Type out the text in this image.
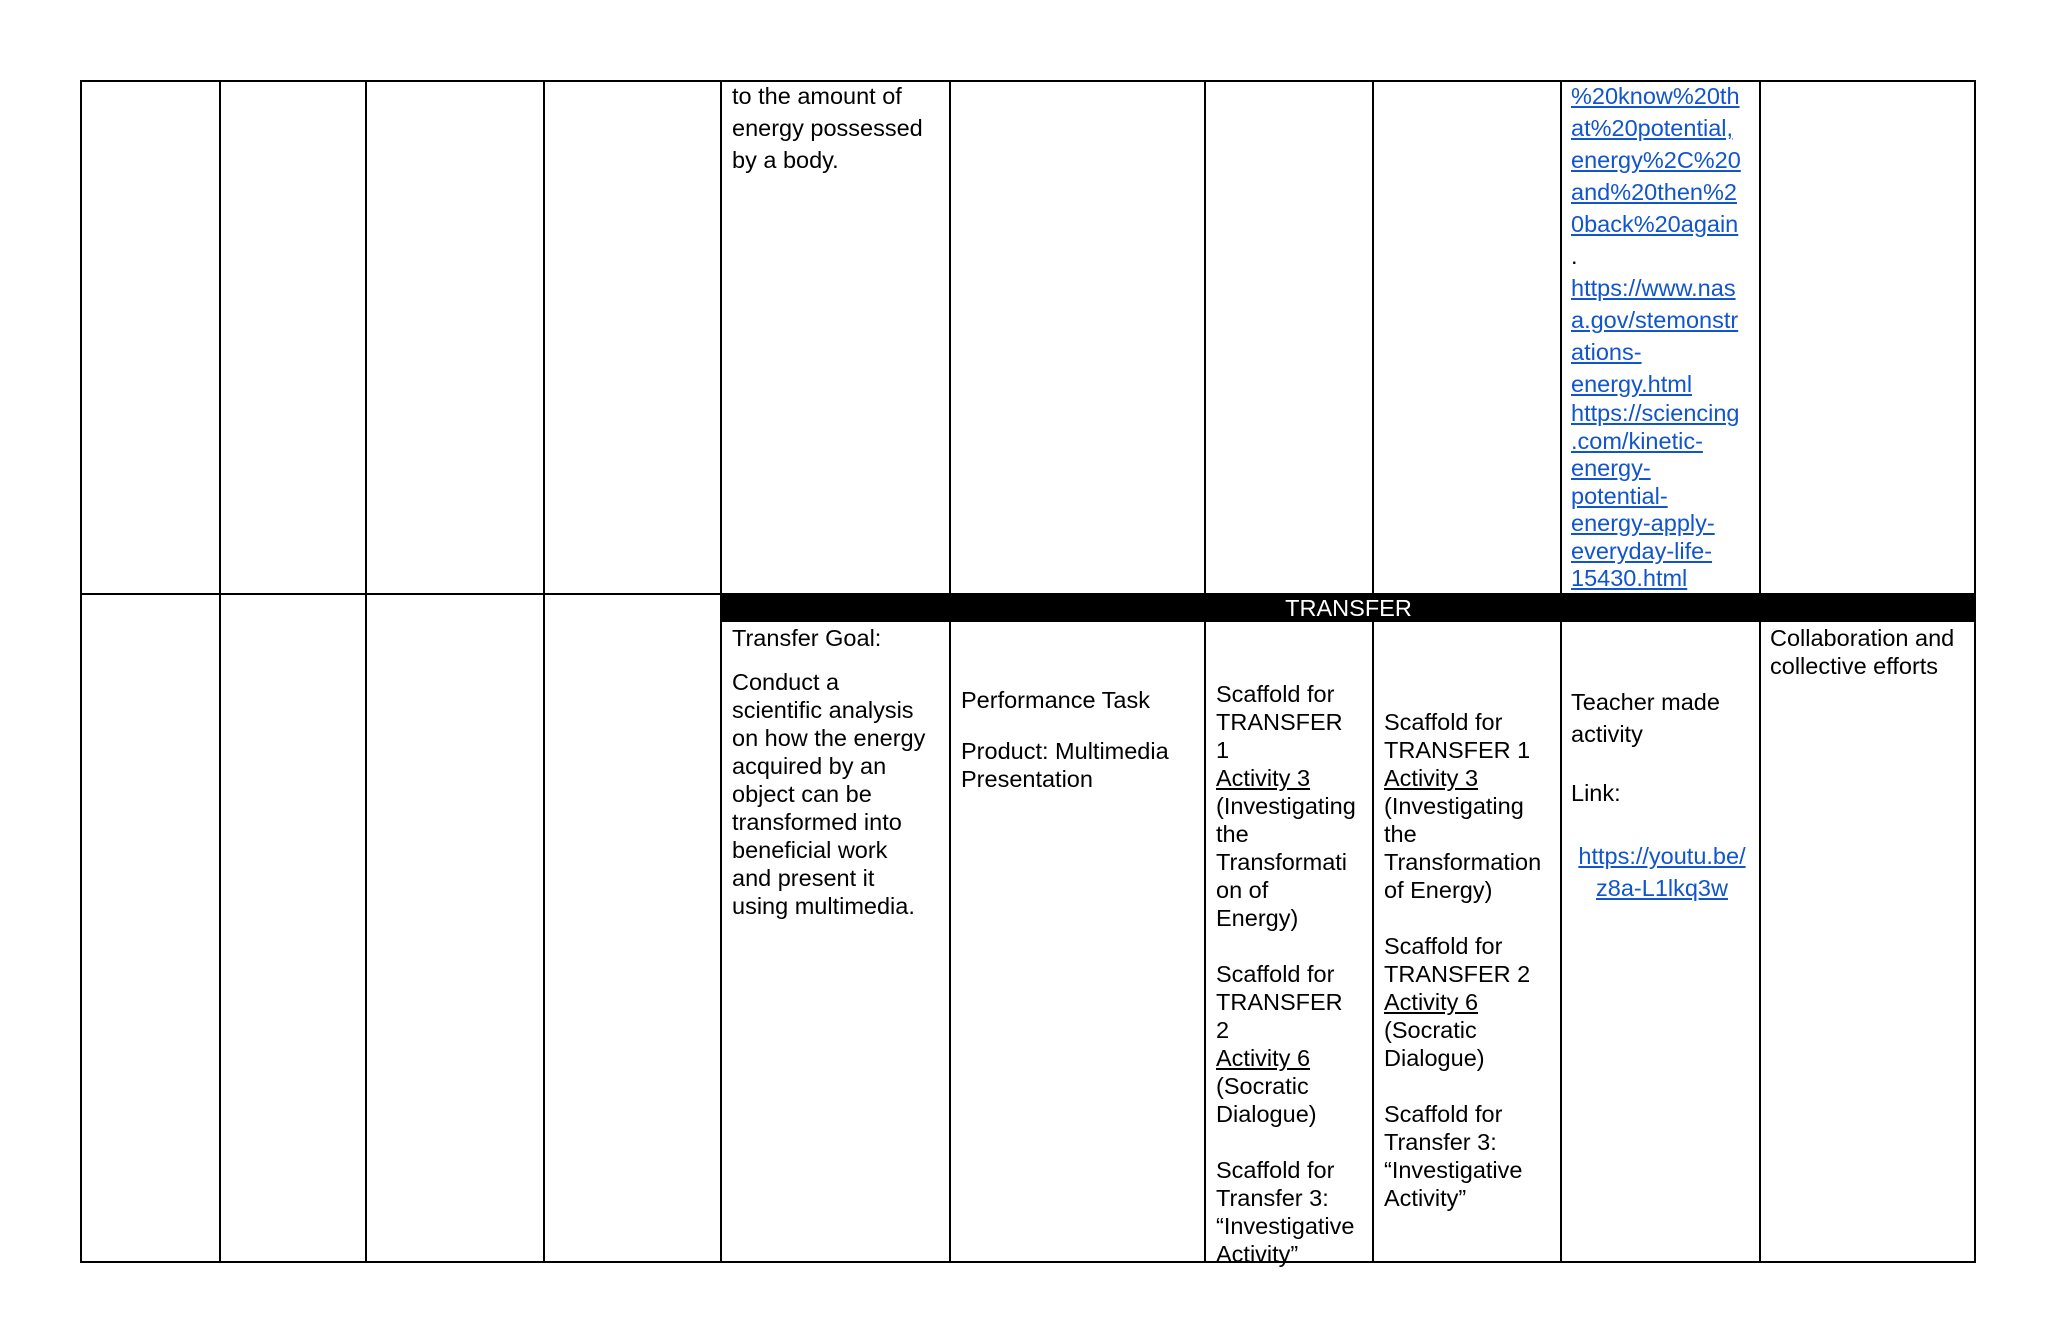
to the amount of

energy possessed

by a body.

%20know%20th

at%20potential,

energy%2C%20

and%20then%2

0back%20again

.

https://www.nas

a.gov/stemonstr

ations-

energy.html

https://sciencing

.com/kinetic-

energy-

potential-

energy-apply-

everyday-life-

15430.html

TRANSFER

Transfer Goal:

Conduct a

scientific analysis

on how the energy

acquired by an

object can be

transformed into

beneficial work

and present it

using multimedia.

Performance Task

Product: Multimedia

Presentation

Scaffold for

TRANSFER

1

Activity 3

(Investigating

the

Transformati

on of

Energy)

Scaffold for

TRANSFER

2

Activity 6

(Socratic

Dialogue)

Scaffold for

Transfer 3:

“Investigative

Activity”

Scaffold for

TRANSFER 1

Activity 3

(Investigating

the

Transformation

of Energy)

Scaffold for

TRANSFER 2

Activity 6

(Socratic

Dialogue)

Scaffold for

Transfer 3:

“Investigative

Activity”

Teacher made

activity

Link:

https://youtu.be/

z8a-L1lkq3w

Collaboration and

collective efforts
